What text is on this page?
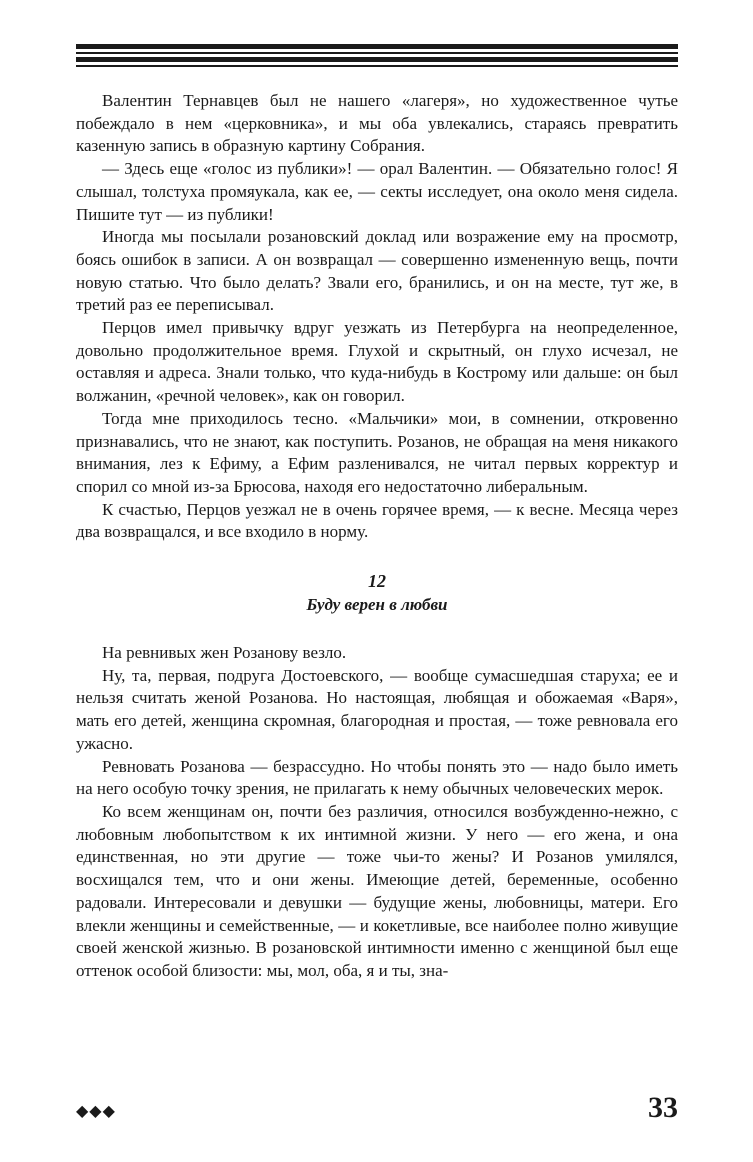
Валентин Тернавцев был не нашего «лагеря», но художественное чутье побеждало в нем «церковника», и мы оба увлекались, стараясь превратить казенную запись в образную картину Собрания.

— Здесь еще «голос из публики»! — орал Валентин. — Обязательно голос! Я слышал, толстуха промяукала, как ее, — секты исследует, она около меня сидела. Пишите тут — из публики!

Иногда мы посылали розановский доклад или возражение ему на просмотр, боясь ошибок в записи. А он возвращал — совершенно измененную вещь, почти новую статью. Что было делать? Звали его, бранились, и он на месте, тут же, в третий раз ее переписывал.

Перцов имел привычку вдруг уезжать из Петербурга на неопределенное, довольно продолжительное время. Глухой и скрытный, он глухо исчезал, не оставляя и адреса. Знали только, что куда-нибудь в Кострому или дальше: он был волжанин, «речной человек», как он говорил.

Тогда мне приходилось тесно. «Мальчики» мои, в сомнении, откровенно признавались, что не знают, как поступить. Розанов, не обращая на меня никакого внимания, лез к Ефиму, а Ефим разленивался, не читал первых корректур и спорил со мной из-за Брюсова, находя его недостаточно либеральным.

К счастью, Перцов уезжал не в очень горячее время, — к весне. Месяца через два возвращался, и все входило в норму.

12
Буду верен в любви

На ревнивых жен Розанову везло.

Ну, та, первая, подруга Достоевского, — вообще сумасшедшая старуха; ее и нельзя считать женой Розанова. Но настоящая, любящая и обожаемая «Варя», мать его детей, женщина скромная, благородная и простая, — тоже ревновала его ужасно.

Ревновать Розанова — безрассудно. Но чтобы понять это — надо было иметь на него особую точку зрения, не прилагать к нему обычных человеческих мерок.

Ко всем женщинам он, почти без различия, относился возбужденно-нежно, с любовным любопытством к их интимной жизни. У него — его жена, и она единственная, но эти другие — тоже чьи-то жены? И Розанов умилялся, восхищался тем, что и они жены. Имеющие детей, беременные, особенно радовали. Интересовали и девушки — будущие жены, любовницы, матери. Его влекли женщины и семейственные, — и кокетливые, все наиболее полно живущие своей женской жизнью. В розановской интимности именно с женщиной был еще оттенок особой близости: мы, мол, оба, я и ты, зна-

◆◆◆	33
